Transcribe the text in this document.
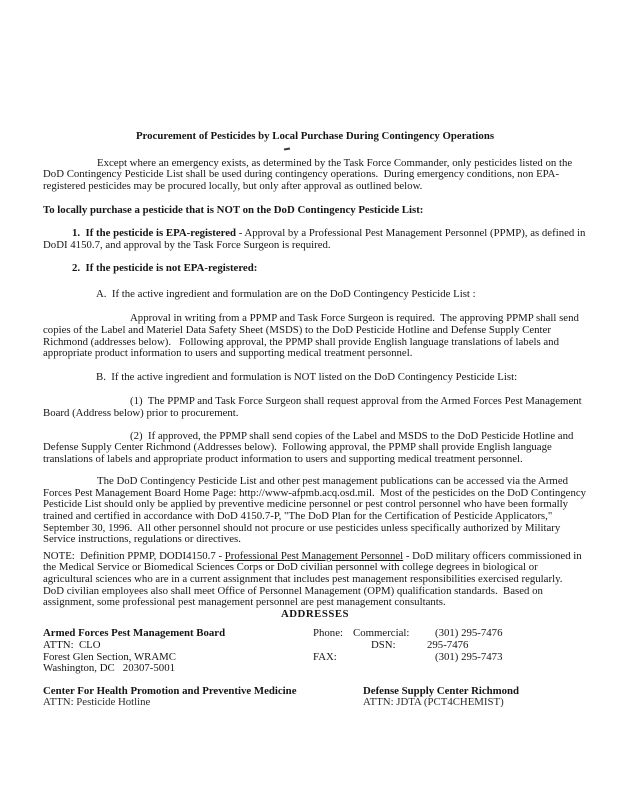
Procurement of Pesticides by Local Purchase During Contingency Operations

Except where an emergency exists, as determined by the Task Force Commander, only pesticides listed on the DoD Contingency Pesticide List shall be used during contingency operations.  During emergency conditions, non EPA-registered pesticides may be procured locally, but only after approval as outlined below.

To locally purchase a pesticide that is NOT on the DoD Contingency Pesticide List:

1.  If the pesticide is EPA-registered - Approval by a Professional Pest Management Personnel (PPMP), as defined in DoDI 4150.7, and approval by the Task Force Surgeon is required.

2.  If the pesticide is not EPA-registered:

A.  If the active ingredient and formulation are on the DoD Contingency Pesticide List :

Approval in writing from a PPMP and Task Force Surgeon is required.  The approving PPMP shall send copies of the Label and Materiel Data Safety Sheet (MSDS) to the DoD Pesticide Hotline and Defense Supply Center Richmond (addresses below).   Following approval, the PPMP shall provide English language translations of labels and appropriate product information to users and supporting medical treatment personnel.

B.  If the active ingredient and formulation is NOT listed on the DoD Contingency Pesticide List:

(1)  The PPMP and Task Force Surgeon shall request approval from the Armed Forces Pest Management Board (Address below) prior to procurement.

(2)  If approved, the PPMP shall send copies of the Label and MSDS to the DoD Pesticide Hotline and Defense Supply Center Richmond (Addresses below).  Following approval, the PPMP shall provide English language translations of labels and appropriate product information to users and supporting medical treatment personnel.

The DoD Contingency Pesticide List and other pest management publications can be accessed via the Armed Forces Pest Management Board Home Page: http://www-afpmb.acq.osd.mil.  Most of the pesticides on the DoD Contingency Pesticide List should only be applied by preventive medicine personnel or pest control personnel who have been formally trained and certified in accordance with DoD 4150.7-P, "The DoD Plan for the Certification of Pesticide Applicators," September 30, 1996.  All other personnel should not procure or use pesticides unless specifically authorized by Military Service instructions, regulations or directives.

NOTE:  Definition PPMP, DODI4150.7 - Professional Pest Management Personnel - DoD military officers commissioned in the Medical Service or Biomedical Sciences Corps or DoD civilian personnel with college degrees in biological or agricultural sciences who are in a current assignment that includes pest management responsibilities exercised regularly.  DoD civilian employees also shall meet Office of Personnel Management (OPM) qualification standards.  Based on assignment, some professional pest management personnel are pest management consultants.

ADDRESSES

Armed Forces Pest Management Board
ATTN:  CLO
Forest Glen Section, WRAMC
Washington, DC   20307-5001
Phone: Commercial:	(301) 295-7476
DSN:	295-7476
FAX:	(301) 295-7473
Center For Health Promotion and Preventive Medicine
ATTN: Pesticide Hotline
Defense Supply Center Richmond
ATTN: JDTA (PCT4CHEMIST)
